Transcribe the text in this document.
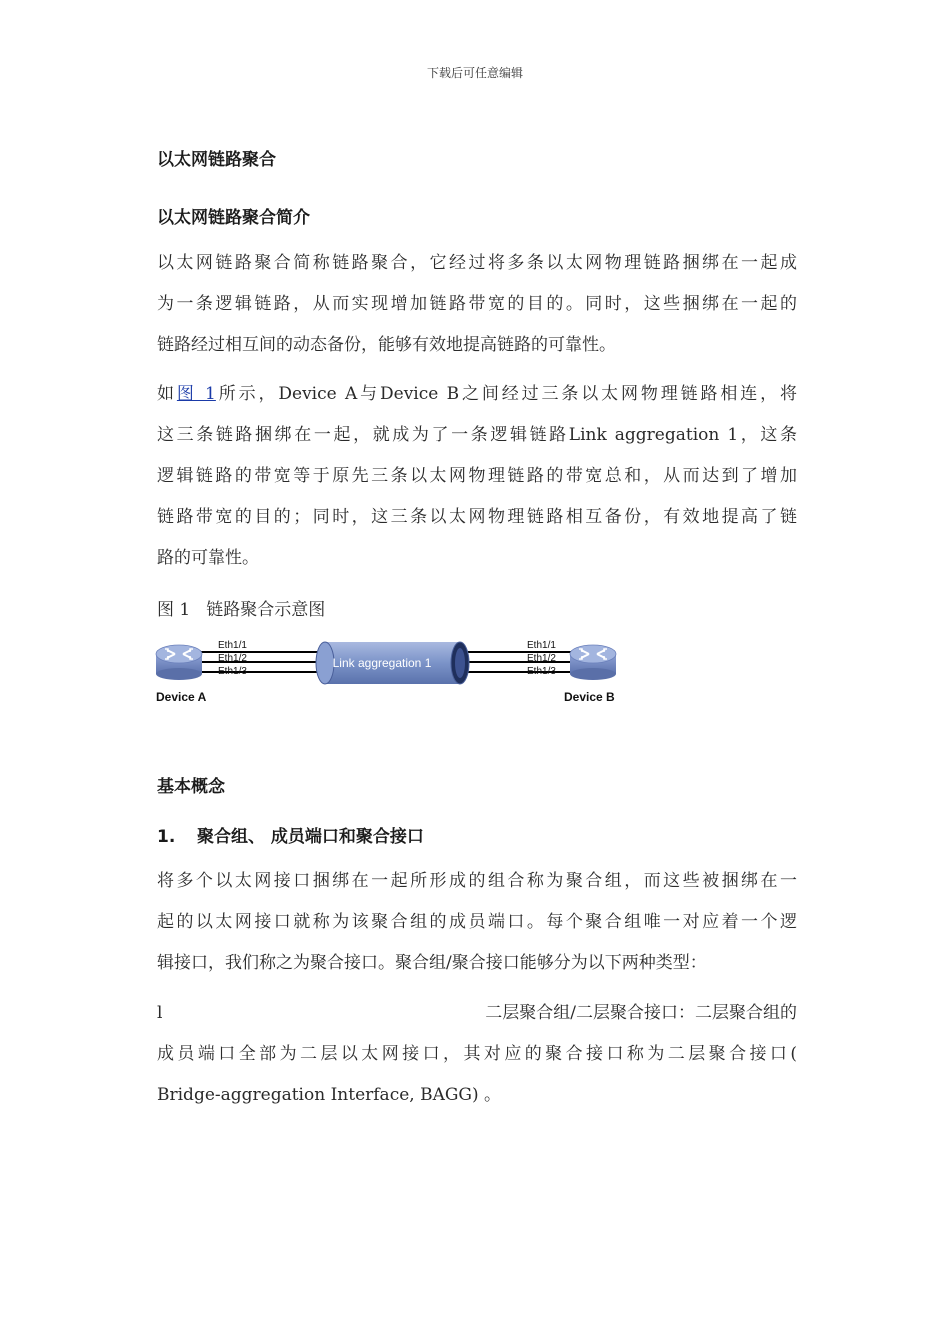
下载后可任意编辑
以太网链路聚合
以太网链路聚合简介
以太网链路聚合简称链路聚合，它经过将多条以太网物理链路捆绑在一起成
为一条逻辑链路，从而实现增加链路带宽的目的。同时，这些捆绑在一起的
链路经过相互间的动态备份，能够有效地提高链路的可靠性。
如图 1所示，Device A与Device B之间经过三条以太网物理链路相连，将
这三条链路捆绑在一起，就成为了一条逻辑链路Link aggregation 1，这条
逻辑链路的带宽等于原先三条以太网物理链路的带宽总和，从而达到了增加
链路带宽的目的；同时，这三条以太网物理链路相互备份，有效地提高了链
路的可靠性。
图 1 链路聚合示意图
Link aggregation 1
Eth1/1
Eth1/2
Eth1/3
Eth1/1
Eth1/2
Eth1/3
Device A	Device B
基本概念
1. 聚合组、 成员端口和聚合接口
将多个以太网接口捆绑在一起所形成的组合称为聚合组，而这些被捆绑在一
起的以太网接口就称为该聚合组的成员端口。每个聚合组唯一对应着一个逻
辑接口，我们称之为聚合接口。聚合组/聚合接口能够分为以下两种类型：
l	二层聚合组/二层聚合接口：二层聚合组的
成员端口全部为二层以太网接口，其对应的聚合接口称为二层聚合接口(
Bridge-aggregation Interface, BAGG) 。
